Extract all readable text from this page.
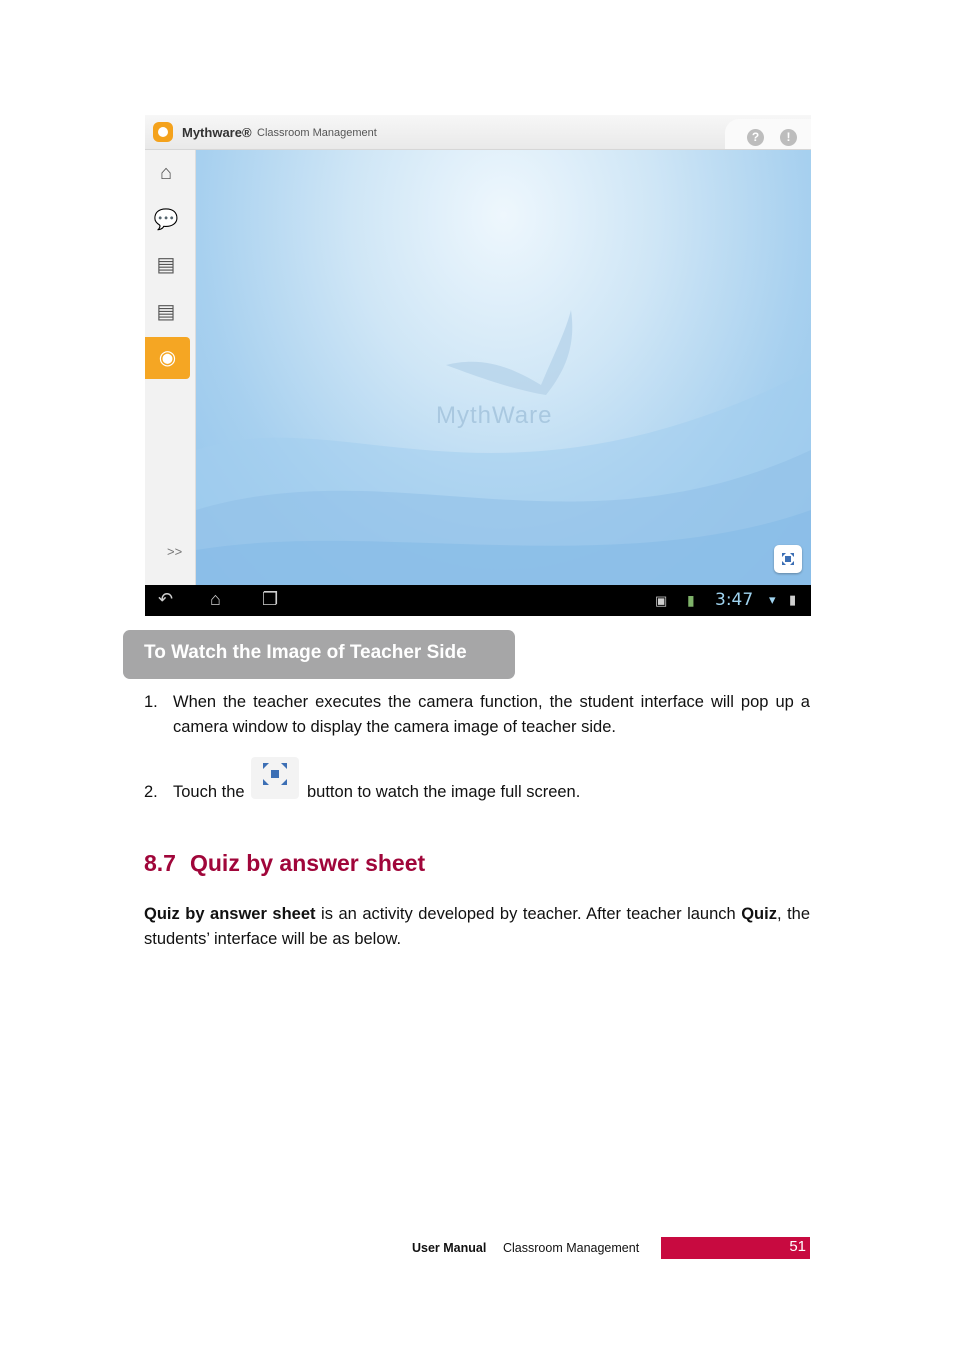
Mythware® Classroom Management	?	!
⌂
💬
▤
▤
◉
>>
MythWare
↶ ⌂ ❐	▣ ▮ 3:47 ▾ ▮
To Watch the Image of Teacher Side
1. When the teacher executes the camera function, the student interface will pop up a camera window to display the camera image of teacher side.
2. Touch the	button to watch the image full screen.
8.7 Quiz by answer sheet
Quiz by answer sheet is an activity developed by teacher. After teacher launch Quiz, the students’ interface will be as below.
User Manual Classroom Management	51
